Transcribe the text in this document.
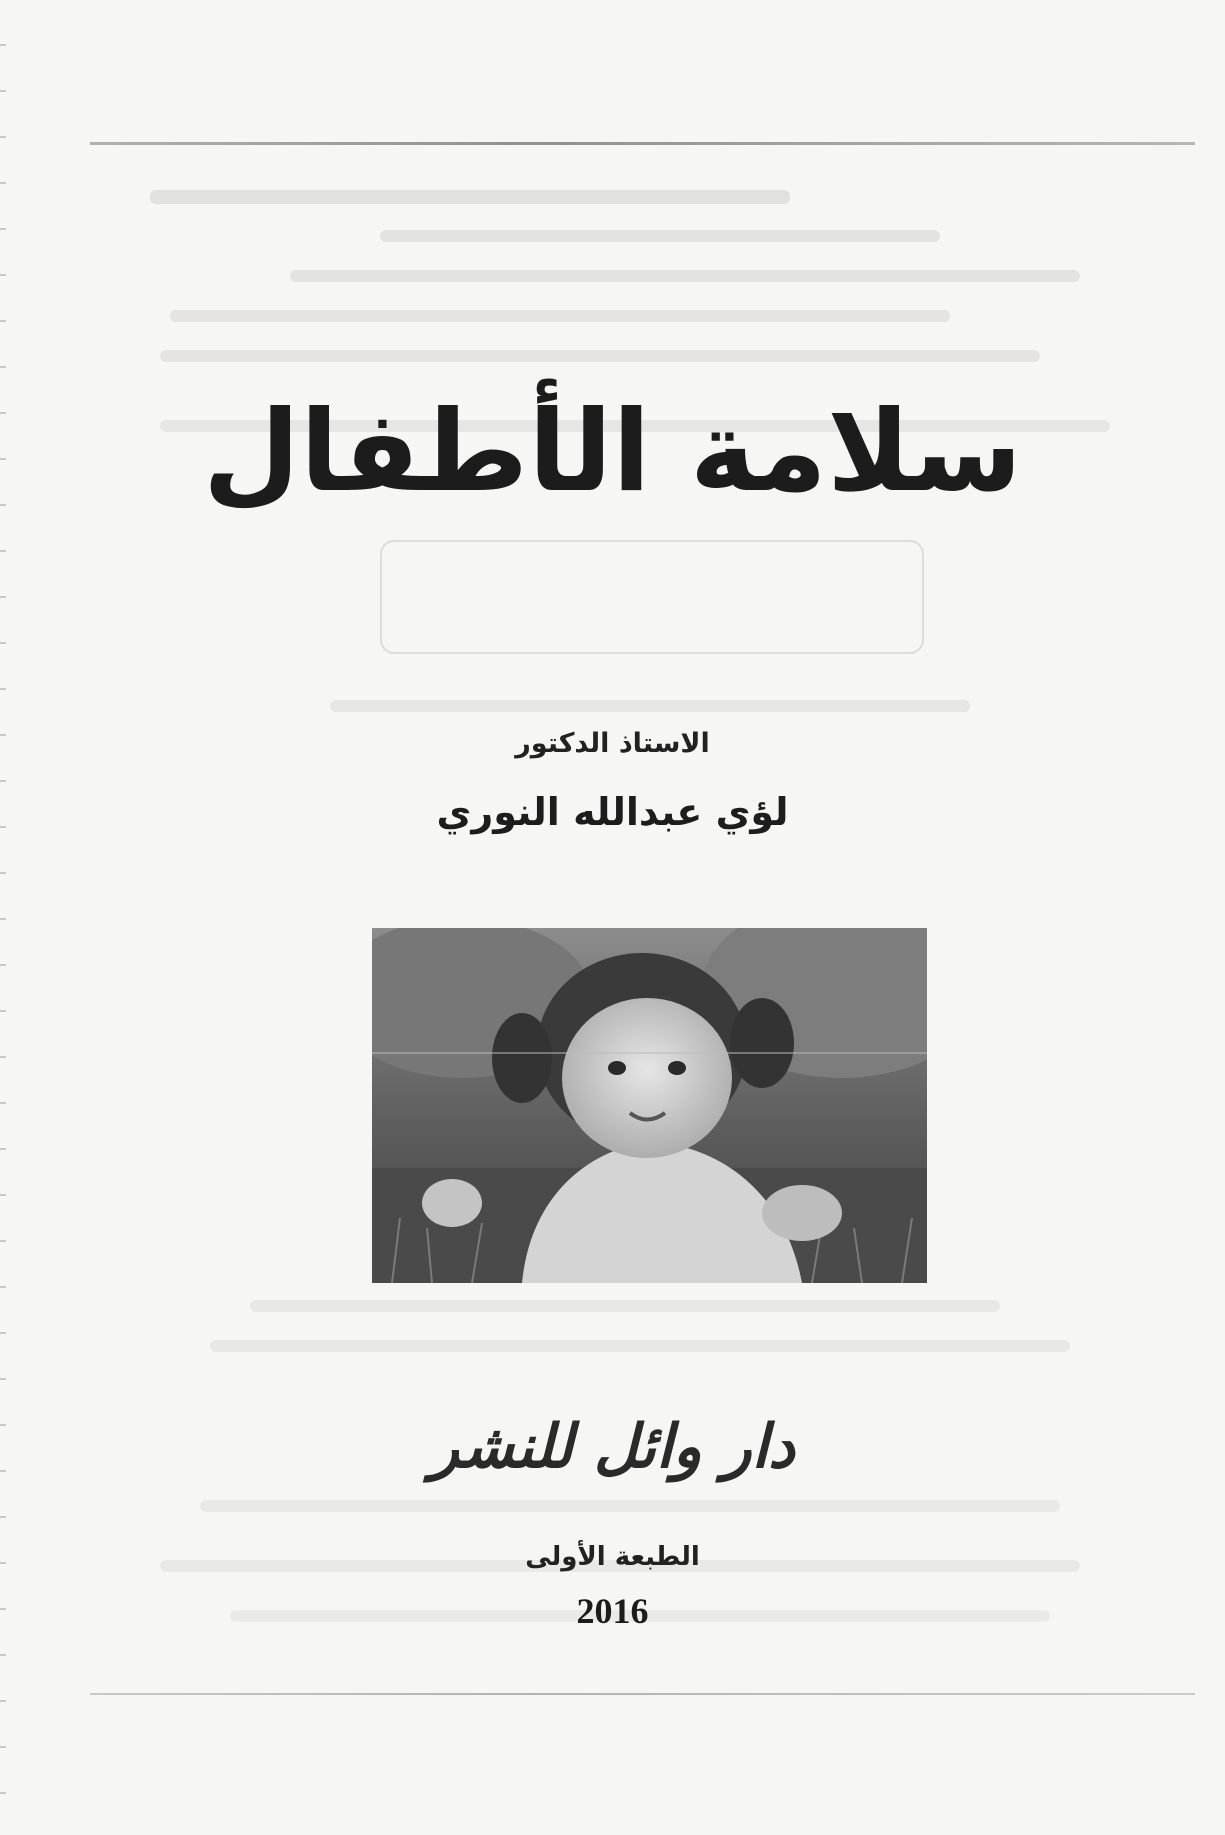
سلامة الأطفال
الاستاذ الدكتور
لؤي عبدالله النوري
دار وائل للنشر
الطبعة الأولى
2016
